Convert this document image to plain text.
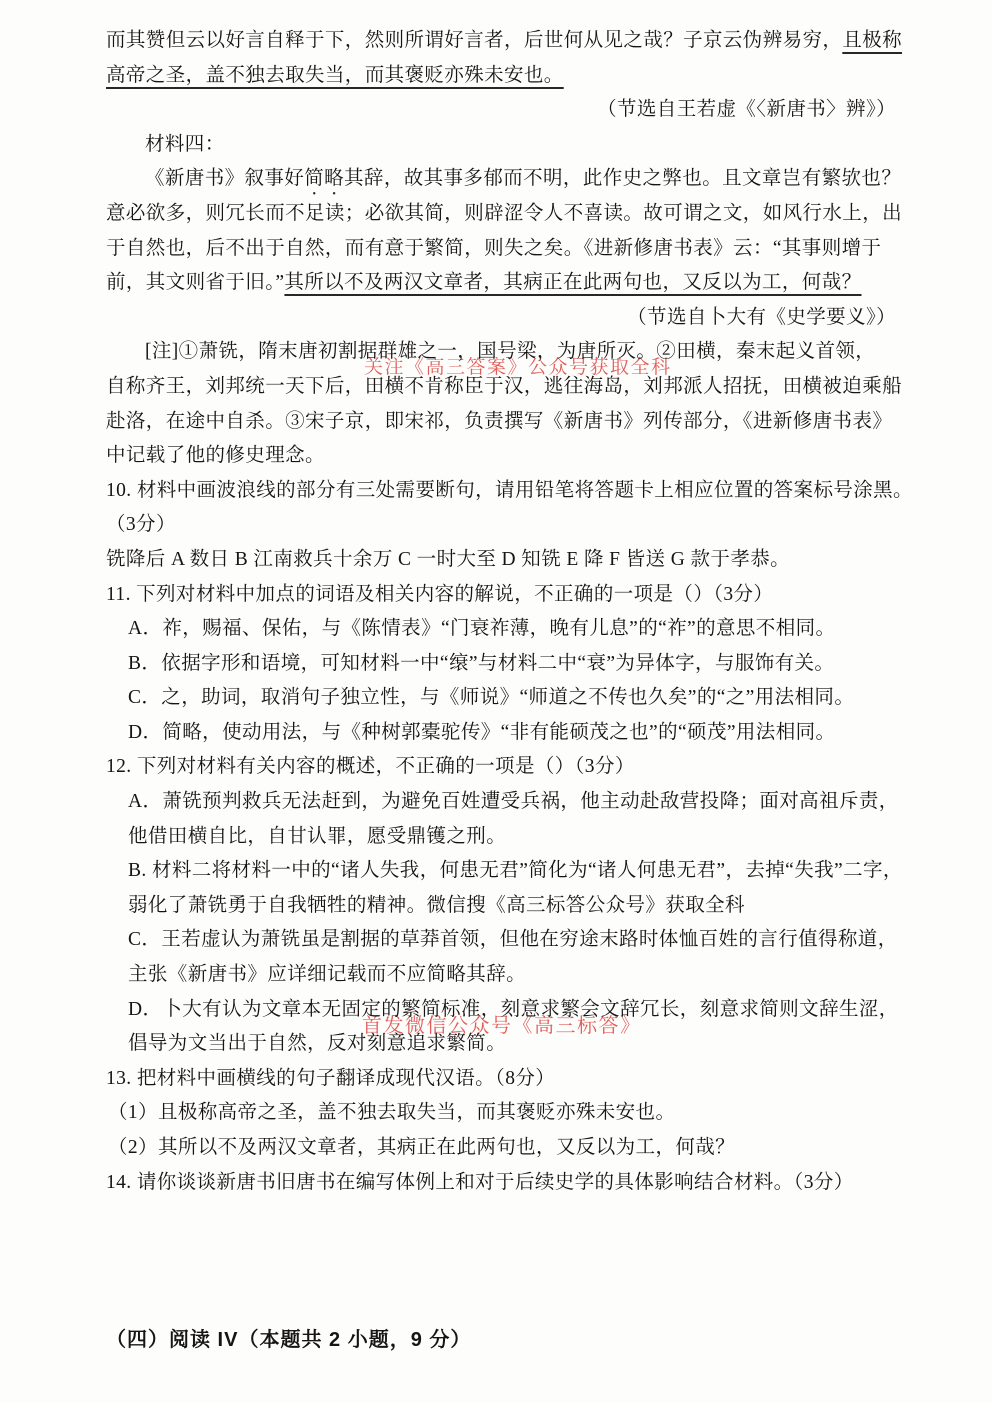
关注《高三答案》公众号获取全科
首发微信公众号《高三标答》
而其赞但云以好言自释于下，然则所谓好言者，后世何从见之哉？子京云伪辨易穷，且极称
高帝之圣，盖不独去取失当，而其褒贬亦殊未安也。
（节选自王若虚《〈新唐书〉辨》）
材料四：
《新唐书》叙事好简略其辞，故其事多郁而不明，此作史之弊也。且文章岂有繁欤也？
意必欲多，则冗长而不足读；必欲其简，则辟涩令人不喜读。故可谓之文，如风行水上，出
于自然也，后不出于自然，而有意于繁简，则失之矣。《进新修唐书表》云：“其事则增于
前，其文则省于旧。”其所以不及两汉文章者，其病正在此两句也，又反以为工，何哉？
（节选自卜大有《史学要义》）
[注]①萧铣，隋末唐初割据群雄之一，国号梁，为唐所灭。②田横，秦末起义首领，
自称齐王，刘邦统一天下后，田横不肯称臣于汉，逃往海岛，刘邦派人招抚，田横被迫乘船
赴洛，在途中自杀。③宋子京，即宋祁，负责撰写《新唐书》列传部分，《进新修唐书表》
中记载了他的修史理念。
10. 材料中画波浪线的部分有三处需要断句，请用铅笔将答题卡上相应位置的答案标号涂黑。
（3分）
铣降后 A 数日 B 江南救兵十余万 C 一时大至 D 知铣 E 降 F 皆送 G 款于孝恭。
11. 下列对材料中加点的词语及相关内容的解说，不正确的一项是（）（3分）
A．祚，赐福、保佑，与《陈情表》“门衰祚薄，晚有儿息”的“祚”的意思不相同。
B．依据字形和语境，可知材料一中“缞”与材料二中“衰”为异体字，与服饰有关。
C．之，助词，取消句子独立性，与《师说》“师道之不传也久矣”的“之”用法相同。
D．简略，使动用法，与《种树郭橐驼传》“非有能硕茂之也”的“硕茂”用法相同。
12. 下列对材料有关内容的概述，不正确的一项是（）（3分）
A．萧铣预判救兵无法赶到，为避免百姓遭受兵祸，他主动赴敌营投降；面对高祖斥责，
他借田横自比，自甘认罪，愿受鼎镬之刑。
B. 材料二将材料一中的“诸人失我，何患无君”简化为“诸人何患无君”，去掉“失我”二字，
弱化了萧铣勇于自我牺牲的精神。微信搜《高三标答公众号》获取全科
C．王若虚认为萧铣虽是割据的草莽首领，但他在穷途末路时体恤百姓的言行值得称道，
主张《新唐书》应详细记载而不应简略其辞。
D．卜大有认为文章本无固定的繁简标准，刻意求繁会文辞冗长，刻意求简则文辞生涩，
倡导为文当出于自然，反对刻意追求繁简。
13. 把材料中画横线的句子翻译成现代汉语。（8分）
（1）且极称高帝之圣，盖不独去取失当，而其褒贬亦殊未安也。
（2）其所以不及两汉文章者，其病正在此两句也，又反以为工，何哉？
14. 请你谈谈新唐书旧唐书在编写体例上和对于后续史学的具体影响结合材料。（3分）
（四）阅读 IV（本题共 2 小题，9 分）
